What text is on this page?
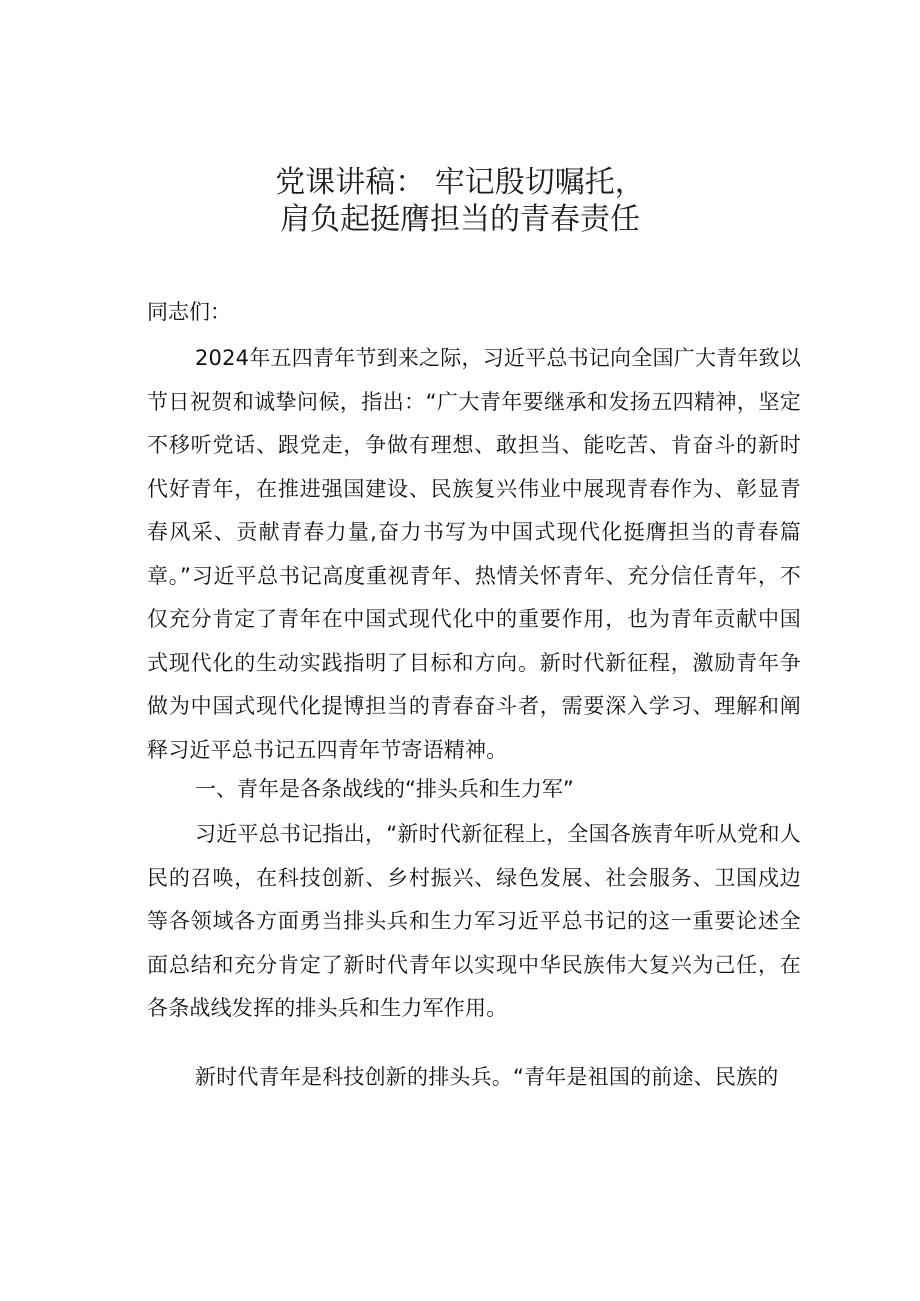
党课讲稿： 牢记殷切嘱托，
肩负起挺膺担当的青春责任
同志们：
2024年五四青年节到来之际，习近平总书记向全国广大青年致以节日祝贺和诚挚问候，指出：“广大青年要继承和发扬五四精神，坚定不移听党话、跟党走，争做有理想、敢担当、能吃苦、肯奋斗的新时代好青年，在推进强国建设、民族复兴伟业中展现青春作为、彰显青春风采、贡献青春力量,奋力书写为中国式现代化挺膺担当的青春篇章。”习近平总书记高度重视青年、热情关怀青年、充分信任青年，不仅充分肯定了青年在中国式现代化中的重要作用，也为青年贡献中国式现代化的生动实践指明了目标和方向。新时代新征程，激励青年争做为中国式现代化提博担当的青春奋斗者，需要深入学习、理解和阐释习近平总书记五四青年节寄语精神。
一、青年是各条战线的“排头兵和生力军”
习近平总书记指出，“新时代新征程上，全国各族青年听从党和人民的召唤，在科技创新、乡村振兴、绿色发展、社会服务、卫国戍边等各领域各方面勇当排头兵和生力军习近平总书记的这一重要论述全面总结和充分肯定了新时代青年以实现中华民族伟大复兴为己任，在各条战线发挥的排头兵和生力军作用。
新时代青年是科技创新的排头兵。“青年是祖国的前途、民族的
